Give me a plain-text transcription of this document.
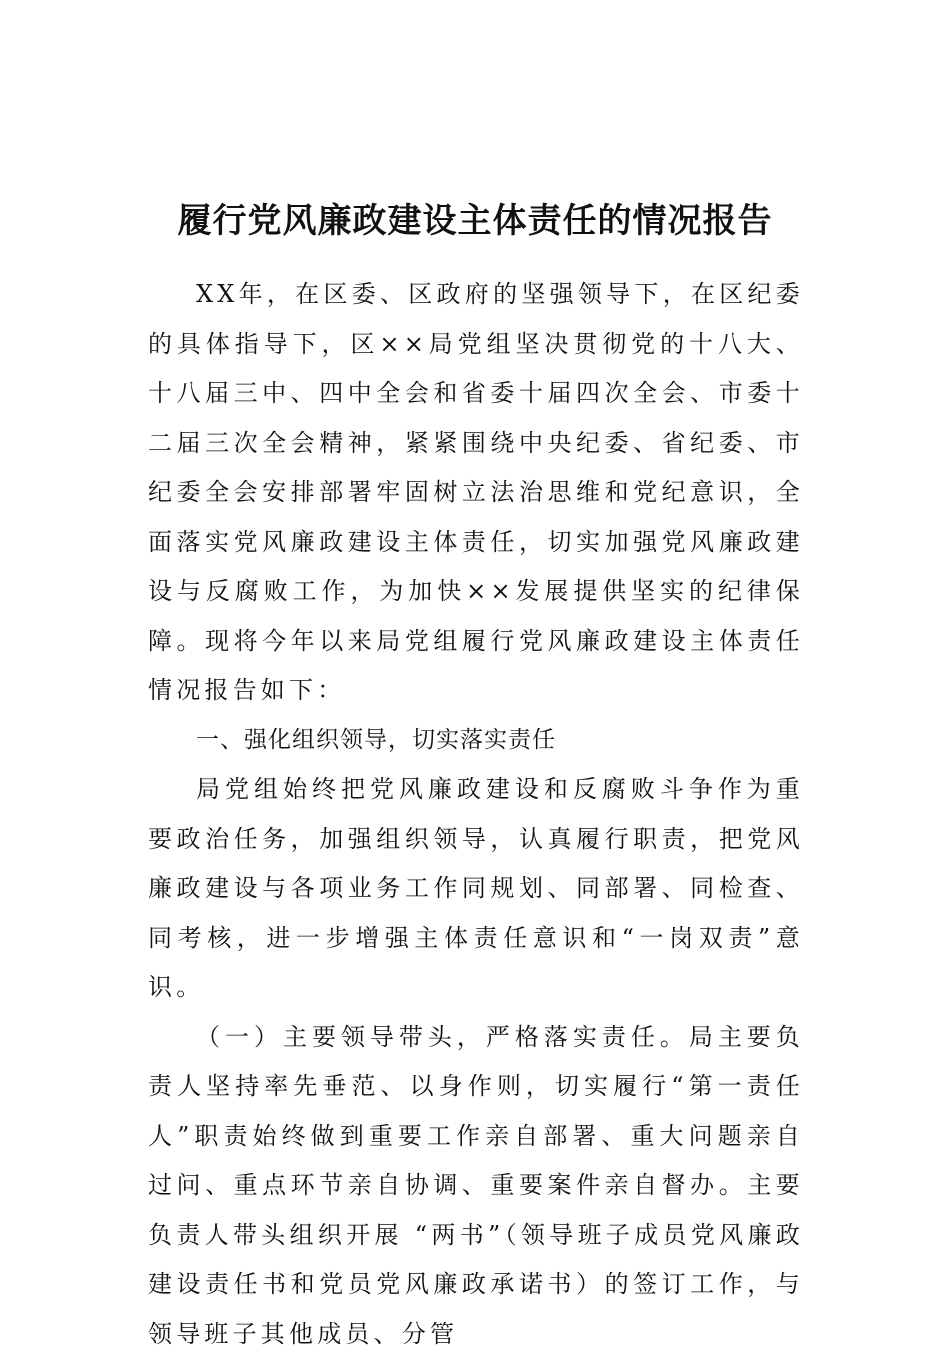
履行党风廉政建设主体责任的情况报告

XX年，在区委、区政府的坚强领导下，在区纪委的具体指导下，区××局党组坚决贯彻党的十八大、十八届三中、四中全会和省委十届四次全会、市委十二届三次全会精神，紧紧围绕中央纪委、省纪委、市纪委全会安排部署牢固树立法治思维和党纪意识，全面落实党风廉政建设主体责任，切实加强党风廉政建设与反腐败工作，为加快××发展提供坚实的纪律保障。现将今年以来局党组履行党风廉政建设主体责任情况报告如下：

一、强化组织领导，切实落实责任

局党组始终把党风廉政建设和反腐败斗争作为重要政治任务，加强组织领导，认真履行职责，把党风廉政建设与各项业务工作同规划、同部署、同检查、同考核，进一步增强主体责任意识和“一岗双责”意识。

（一）主要领导带头，严格落实责任。局主要负责人坚持率先垂范、以身作则，切实履行“第一责任人”职责始终做到重要工作亲自部署、重大问题亲自过问、重点环节亲自协调、重要案件亲自督办。主要负责人带头组织开展 “两书”（领导班子成员党风廉政建设责任书和党员党风廉政承诺书）的签订工作，与领导班子其他成员、分管
